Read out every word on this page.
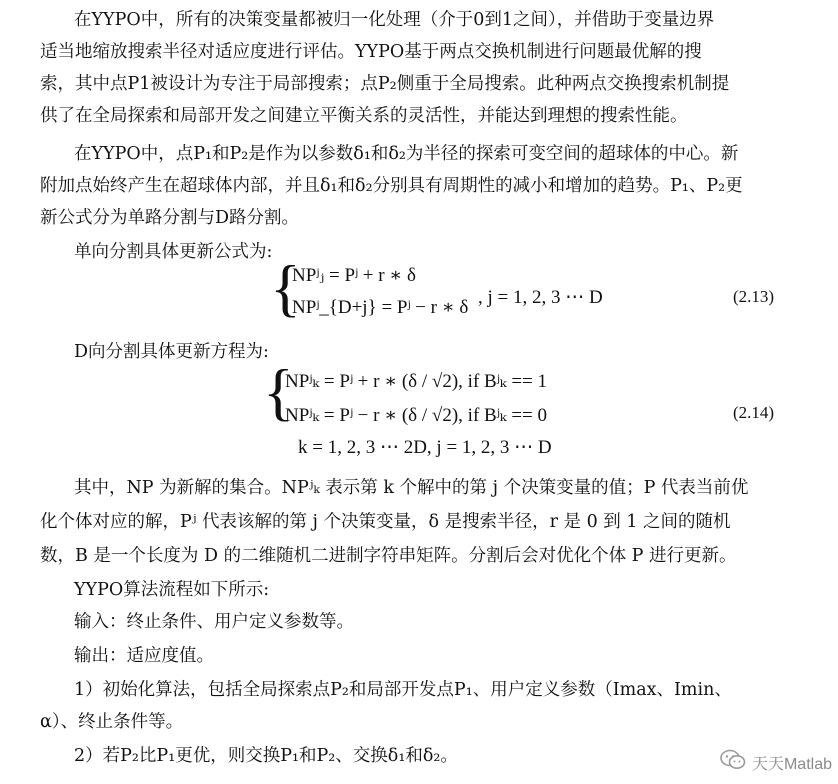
在YYPO中，所有的决策变量都被归一化处理（介于0到1之间），并借助于变量边界
适当地缩放搜索半径对适应度进行评估。YYPO基于两点交换机制进行问题最优解的搜
索，其中点P1被设计为专注于局部搜索；点P₂侧重于全局搜索。此种两点交换搜索机制提
供了在全局探索和局部开发之间建立平衡关系的灵活性，并能达到理想的搜索性能。
在YYPO中，点P₁和P₂是作为以参数δ₁和δ₂为半径的探索可变空间的超球体的中心。新
附加点始终产生在超球体内部，并且δ₁和δ₂分别具有周期性的减小和增加的趋势。P₁、P₂更
新公式分为单路分割与D路分割。
单向分割具体更新公式为:
{
NPʲⱼ = Pʲ + r ∗ δ
NPʲ_{D+j} = Pʲ − r ∗ δ , j = 1, 2, 3 ⋯ D	(2.13)
D向分割具体更新方程为:
{
NPʲₖ = Pʲ + r ∗ (δ / √2), if Bʲₖ == 1
NPʲₖ = Pʲ − r ∗ (δ / √2), if Bʲₖ == 0
k = 1, 2, 3 ⋯ 2D, j = 1, 2, 3 ⋯ D
(2.14)
其中，NP 为新解的集合。NPʲₖ 表示第 k 个解中的第 j 个决策变量的值；P 代表当前优
化个体对应的解，Pʲ 代表该解的第 j 个决策变量，δ 是搜索半径，r 是 0 到 1 之间的随机
数，B 是一个长度为 D 的二维随机二进制字符串矩阵。分割后会对优化个体 P 进行更新。
YYPO算法流程如下所示:
输入：终止条件、用户定义参数等。
输出：适应度值。
1）初始化算法，包括全局探索点P₂和局部开发点P₁、用户定义参数（Imax、Imin、
α）、终止条件等。
2）若P₂比P₁更优，则交换P₁和P₂、交换δ₁和δ₂。	天天Matlab
